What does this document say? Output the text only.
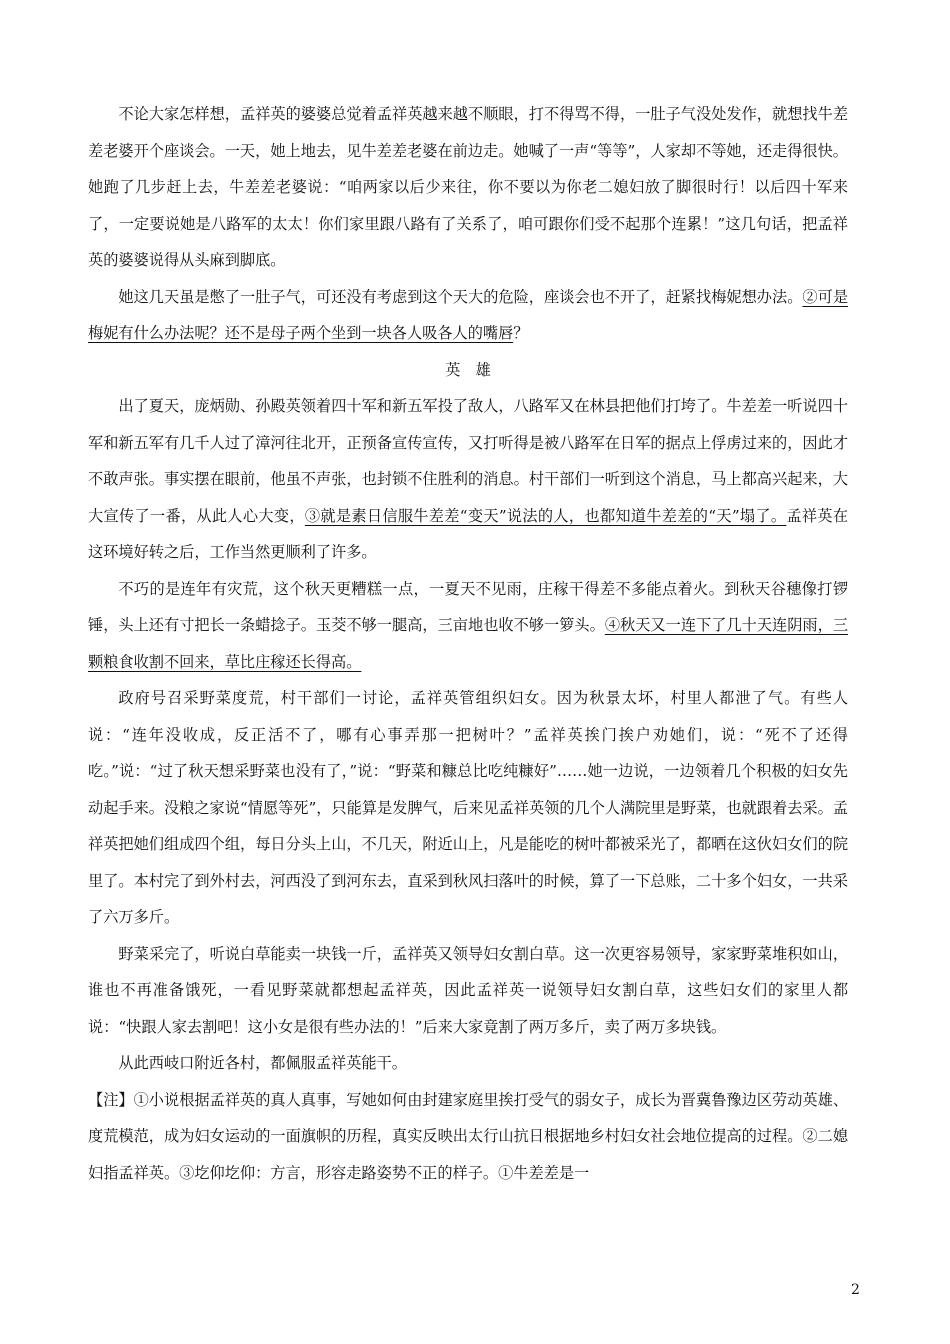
不论大家怎样想，孟祥英的婆婆总觉着孟祥英越来越不顺眼，打不得骂不得，一肚子气没处发作，就想找牛差差老婆开个座谈会。一天，她上地去，见牛差差老婆在前边走。她喊了一声“等等”，人家却不等她，还走得很快。她跑了几步赶上去，牛差差老婆说：“咱两家以后少来往，你不要以为你老二媳妇放了脚很时行！以后四十军来了，一定要说她是八路军的太太！你们家里跟八路有了关系了，咱可跟你们受不起那个连累！”这几句话，把孟祥英的婆婆说得从头麻到脚底。

她这几天虽是憋了一肚子气，可还没有考虑到这个天大的危险，座谈会也不开了，赶紧找梅妮想办法。②可是梅妮有什么办法呢？还不是母子两个坐到一块各人吸各人的嘴唇？

英雄

出了夏天，庞炳勋、孙殿英领着四十军和新五军投了敌人，八路军又在林县把他们打垮了。牛差差一听说四十军和新五军有几千人过了漳河往北开，正预备宣传宣传，又打听得是被八路军在日军的据点上俘虏过来的，因此才不敢声张。事实摆在眼前，他虽不声张，也封锁不住胜利的消息。村干部们一听到这个消息，马上都高兴起来，大大宣传了一番，从此人心大变，③就是素日信服牛差差“变天”说法的人，也都知道牛差差的“天”塌了。孟祥英在这环境好转之后，工作当然更顺利了许多。

不巧的是连年有灾荒，这个秋天更糟糕一点，一夏天不见雨，庄稼干得差不多能点着火。到秋天谷穗像打锣锤，头上还有寸把长一条蜡捻子。玉茭不够一腿高，三亩地也收不够一箩头。④秋天又一连下了几十天连阴雨，三颗粮食收割不回来，草比庄稼还长得高。

政府号召采野菜度荒，村干部们一讨论，孟祥英管组织妇女。因为秋景太坏，村里人都泄了气。有些人说：“连年没收成，反正活不了，哪有心事弄那一把树叶？”孟祥英挨门挨户劝她们，说：“死不了还得吃。”说：“过了秋天想采野菜也没有了，”说：“野菜和糠总比吃纯糠好”……她一边说，一边领着几个积极的妇女先动起手来。没粮之家说“情愿等死”，只能算是发脾气，后来见孟祥英领的几个人满院里是野菜，也就跟着去采。孟祥英把她们组成四个组，每日分头上山，不几天，附近山上，凡是能吃的树叶都被采光了，都晒在这伙妇女们的院里了。本村完了到外村去，河西没了到河东去，直采到秋风扫落叶的时候，算了一下总账，二十多个妇女，一共采了六万多斤。

野菜采完了，听说白草能卖一块钱一斤，孟祥英又领导妇女割白草。这一次更容易领导，家家野菜堆积如山，谁也不再准备饿死，一看见野菜就都想起孟祥英，因此孟祥英一说领导妇女割白草，这些妇女们的家里人都说：“快跟人家去割吧！这小女是很有些办法的！”后来大家竟割了两万多斤，卖了两万多块钱。

从此西岐口附近各村，都佩服孟祥英能干。

【注】①小说根据孟祥英的真人真事，写她如何由封建家庭里挨打受气的弱女子，成长为晋冀鲁豫边区劳动英雄、度荒模范，成为妇女运动的一面旗帜的历程，真实反映出太行山抗日根据地乡村妇女社会地位提高的过程。②二媳妇指孟祥英。③圪仰圪仰：方言，形容走路姿势不正的样子。①牛差差是一

2
